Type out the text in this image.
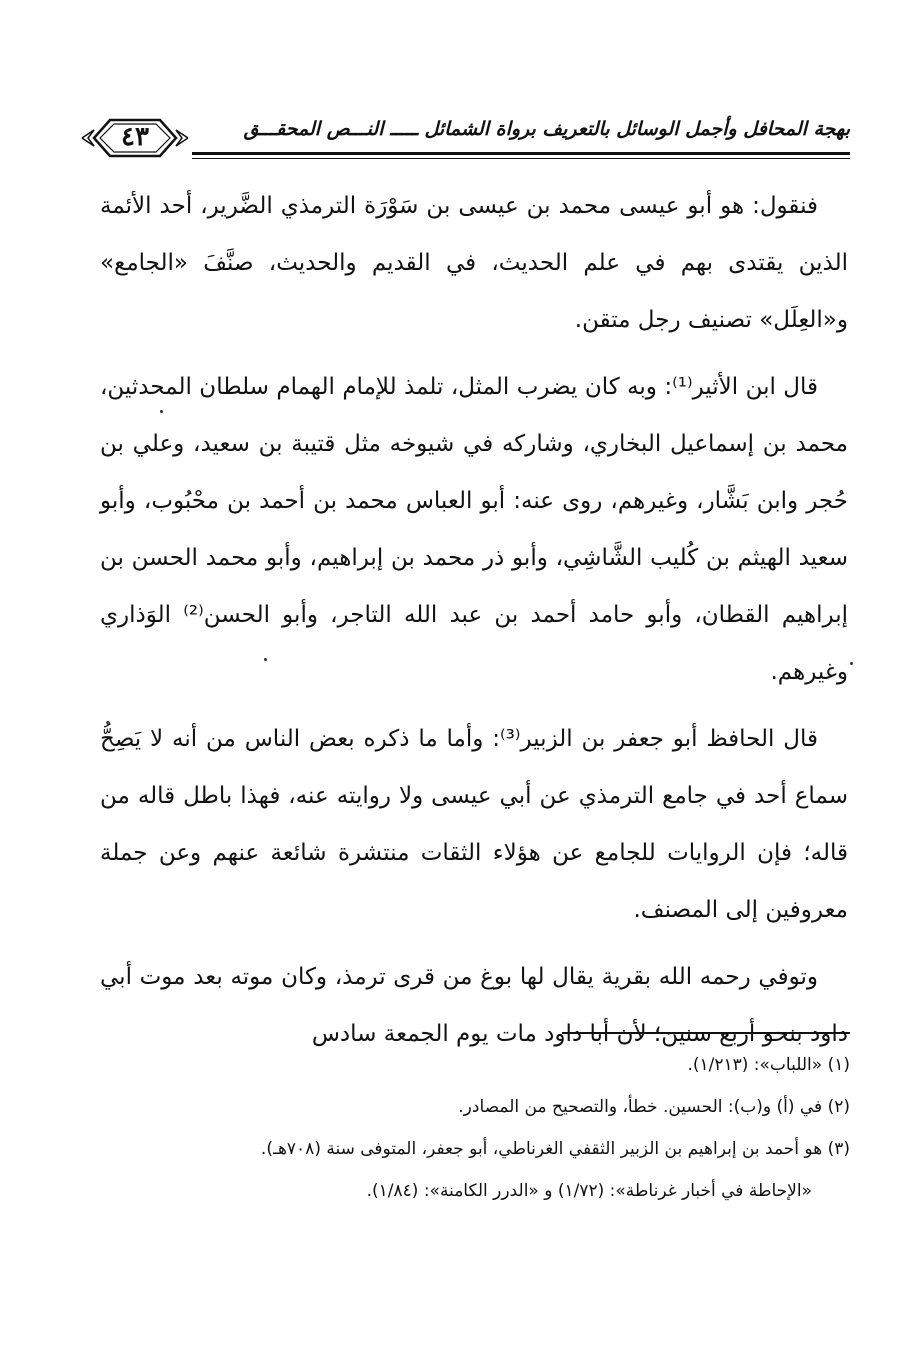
٤٣	بهجة المحافل وأجمل الوسائل بالتعريف برواة الشمائل ـــــ النـــص المحقـــق

فنقول: هو أبو عيسى محمد بن عيسى بن سَوْرَة الترمذي الضَّرير، أحد الأئمة الذين يقتدى بهم في علم الحديث، في القديم والحديث، صنَّفَ «الجامع» و«العِلَل» تصنيف رجل متقن.

قال ابن الأثير⁽¹⁾: وبه كان يضرب المثل، تلمذ للإمام الهمام سلطان المحدثين، محمد بن إسماعيل البخاري، وشاركه في شيوخه مثل قتيبة بن سعيد، وعلي بن حُجر وابن بَشَّار، وغيرهم، روى عنه: أبو العباس محمد بن أحمد بن محْبُوب، وأبو سعيد الهيثم بن كُليب الشَّاشِي، وأبو ذر محمد بن إبراهيم، وأبو محمد الحسن بن إبراهيم القطان، وأبو حامد أحمد بن عبد الله التاجر، وأبو الحسن⁽²⁾ الوَذاري وغيرهم.

قال الحافظ أبو جعفر بن الزبير⁽³⁾: وأما ما ذكره بعض الناس من أنه لا يَصِحُّ سماع أحد في جامع الترمذي عن أبي عيسى ولا روايته عنه، فهذا باطل قاله من قاله؛ فإن الروايات للجامع عن هؤلاء الثقات منتشرة شائعة عنهم وعن جملة معروفين إلى المصنف.

وتوفي رحمه الله بقرية يقال لها بوغ من قرى ترمذ، وكان موته بعد موت أبي داود بنحو أربع سنين؛ لأن أبا داود مات يوم الجمعة سادس

(١) «اللباب»: (١/٢١٣).

(٢) في (أ) و(ب): الحسين. خطأ، والتصحيح من المصادر.

(٣) هو أحمد بن إبراهيم بن الزبير الثقفي الغرناطي، أبو جعفر، المتوفى سنة (٧٠٨هـ).

«الإحاطة في أخبار غرناطة»: (١/٧٢) و «الدرر الكامنة»: (١/٨٤).
